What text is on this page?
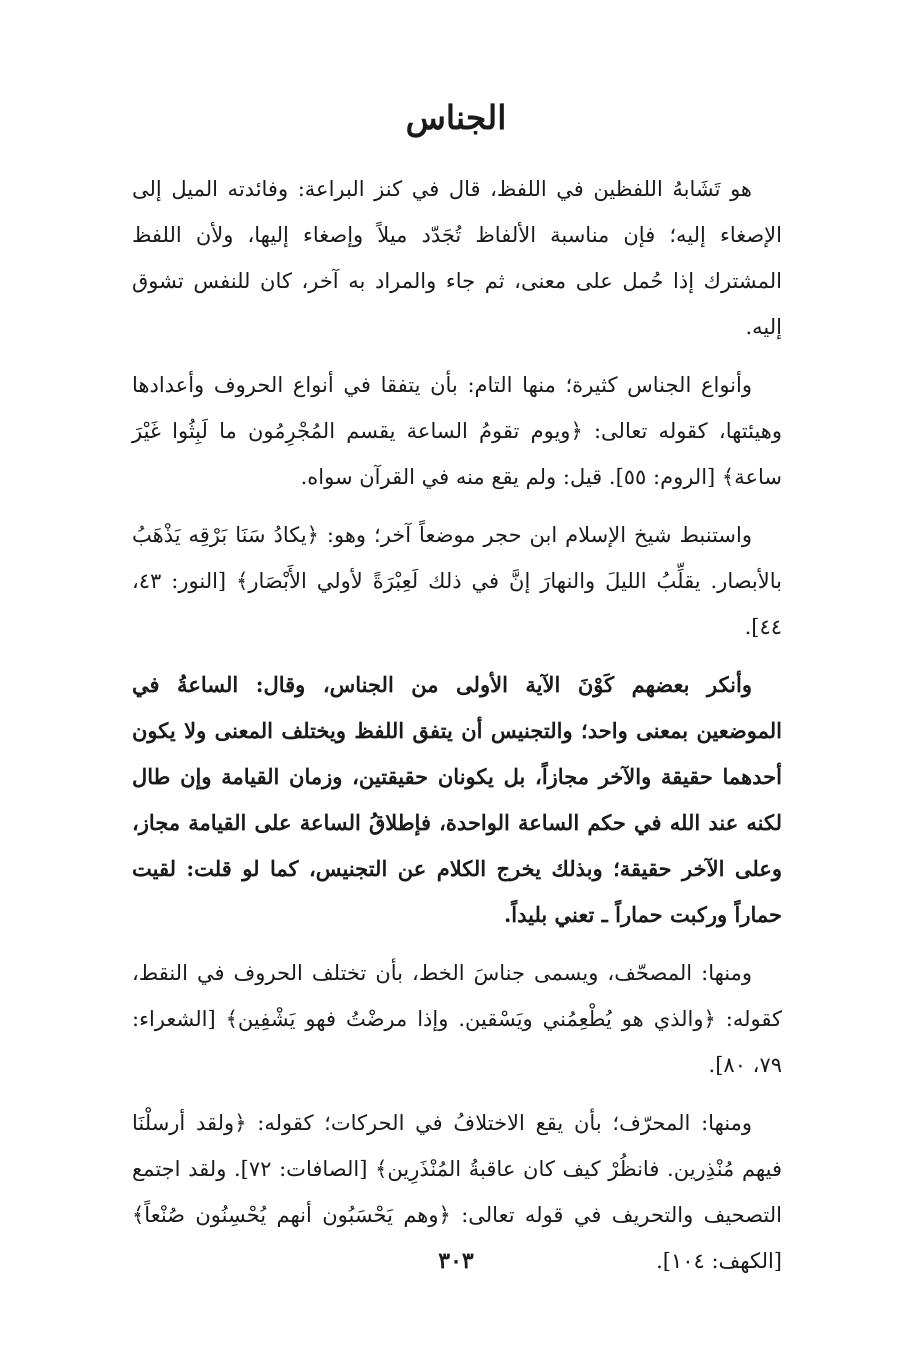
الجناس

هو تَشَابهُ اللفظين في اللفظ، قال في كنز البراعة: وفائدته الميل إلى الإصغاء إليه؛ فإن مناسبة الألفاظ تُجَدّد ميلاً وإصغاء إليها، ولأن اللفظ المشترك إذا حُمل على معنى، ثم جاء والمراد به آخر، كان للنفس تشوق إليه.

وأنواع الجناس كثيرة؛ منها التام: بأن يتفقا في أنواع الحروف وأعدادها وهيئتها، كقوله تعالى: ﴿ويوم تقومُ الساعة يقسم المُجْرِمُون ما لَبِثُوا غَيْرَ ساعة﴾ [الروم: ٥٥]. قيل: ولم يقع منه في القرآن سواه.

واستنبط شيخ الإسلام ابن حجر موضعاً آخر؛ وهو: ﴿يكادُ سَنَا بَرْقِه يَذْهَبُ بالأبصار. يقلِّبُ الليلَ والنهارَ إنَّ في ذلك لَعِبْرَةً لأولي الأَبْصَار﴾ [النور: ٤٣، ٤٤].

وأنكر بعضهم كَوْنَ الآية الأولى من الجناس، وقال: الساعةُ في الموضعين بمعنى واحد؛ والتجنيس أن يتفق اللفظ ويختلف المعنى ولا يكون أحدهما حقيقة والآخر مجازاً، بل يكونان حقيقتين، وزمان القيامة وإن طال لكنه عند الله في حكم الساعة الواحدة، فإطلاقُ الساعة على القيامة مجاز، وعلى الآخر حقيقة؛ وبذلك يخرج الكلام عن التجنيس، كما لو قلت: لقيت حماراً وركبت حماراً ـ تعني بليداً.

ومنها: المصحّف، ويسمى جناسَ الخط، بأن تختلف الحروف في النقط، كقوله: ﴿والذي هو يُطْعِمُني ويَسْقين. وإذا مرضْتُ فهو يَشْفِين﴾ [الشعراء: ٧٩، ٨٠].

ومنها: المحرّف؛ بأن يقع الاختلافُ في الحركات؛ كقوله: ﴿ولقد أرسلْنَا فيهم مُنْذِرين. فانظُرْ كيف كان عاقبةُ المُنْذَرِين﴾ [الصافات: ٧٢]. ولقد اجتمع التصحيف والتحريف في قوله تعالى: ﴿وهم يَحْسَبُون أنهم يُحْسِنُون صُنْعاً﴾ [الكهف: ١٠٤].

٣٠٣
